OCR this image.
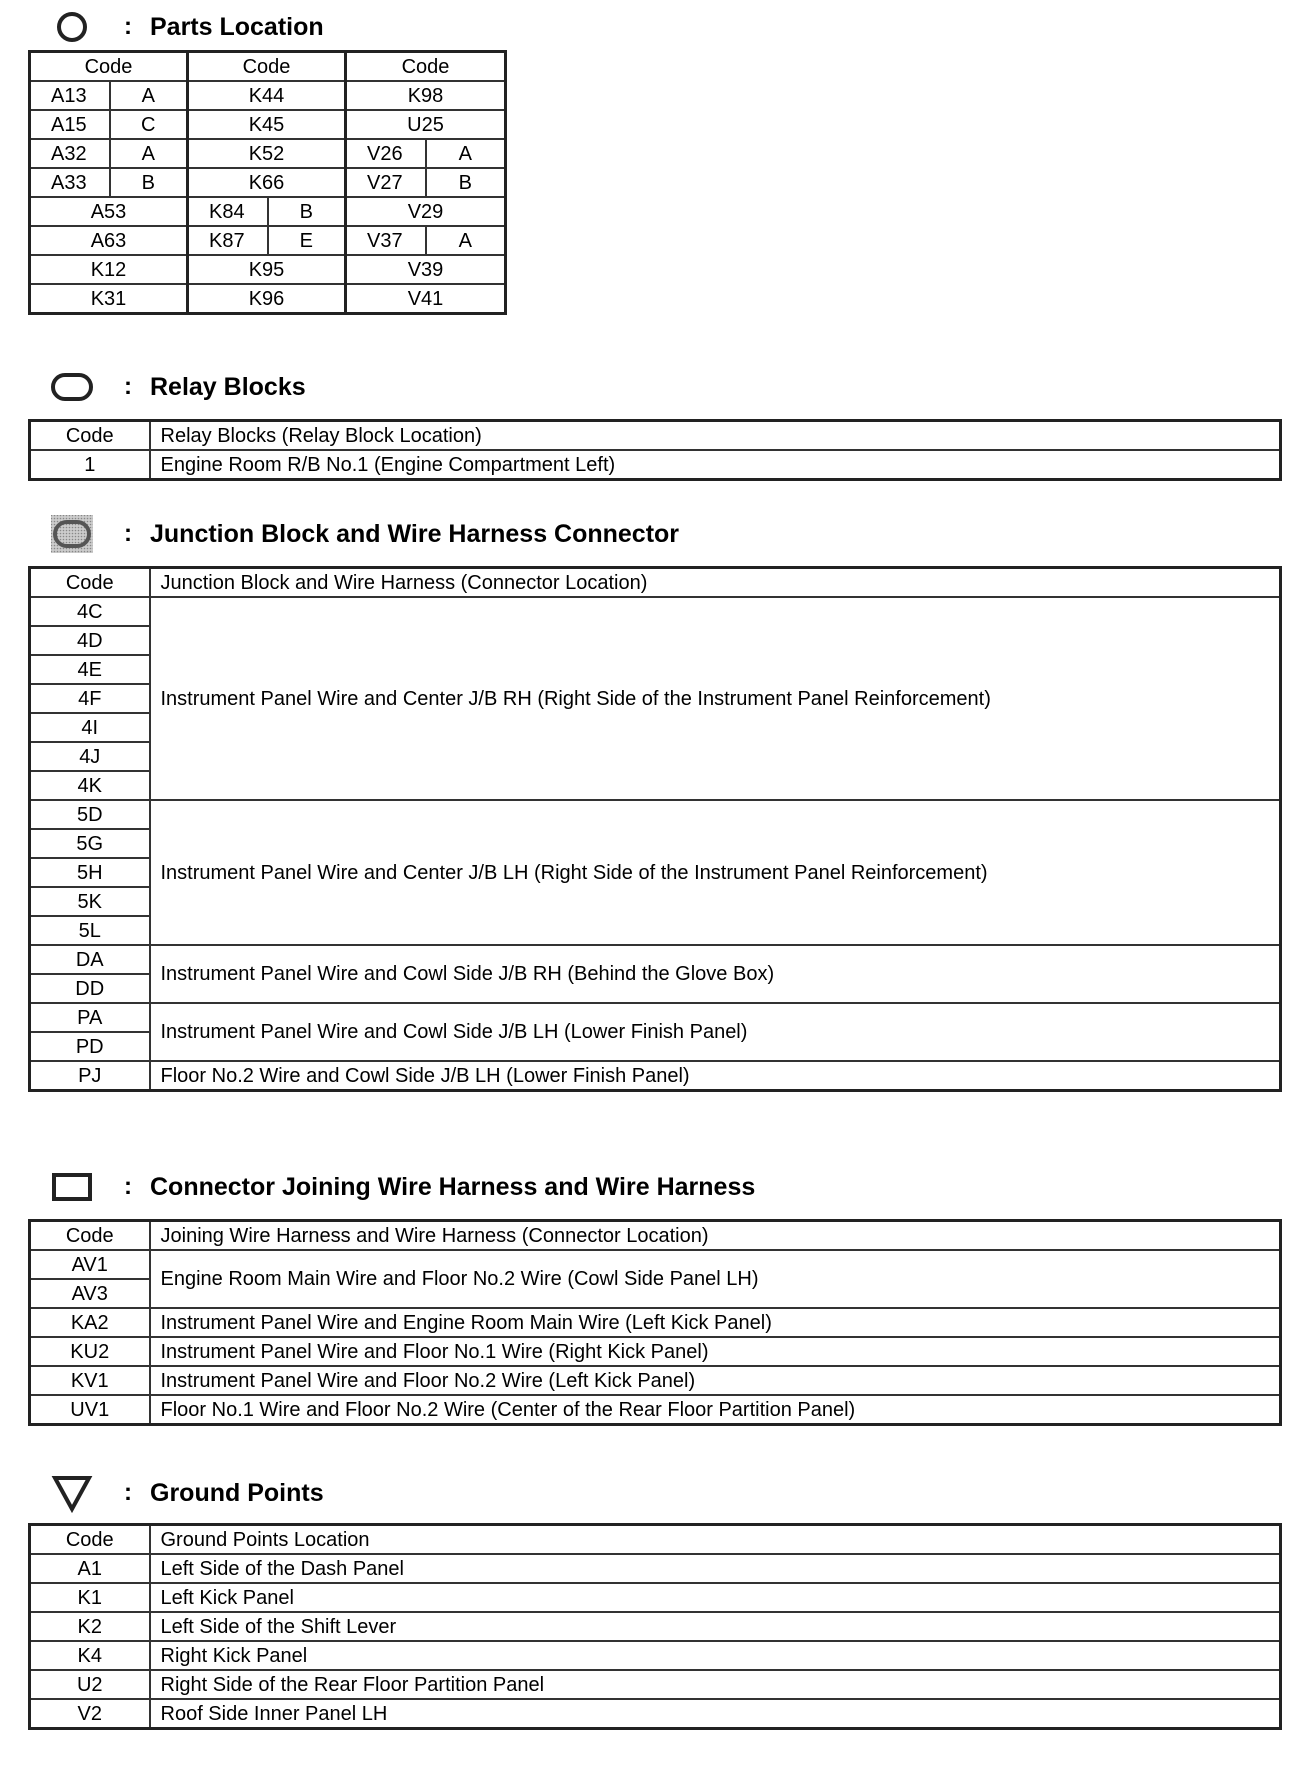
: Parts Location
Code		Code		Code	
A13	A	K44		K98	
A15	C	K45		U25	
A32	A	K52		V26	A
A33	B	K66		V27	B
A53		K84	B	V29	
A63		K87	E	V37	A
K12		K95		V39	
K31		K96		V41	
: Relay Blocks
Code	Relay Blocks (Relay Block Location)
1	Engine Room R/B No.1 (Engine Compartment Left)
: Junction Block and Wire Harness Connector
Code	Junction Block and Wire Harness (Connector Location)
4C	Instrument Panel Wire and Center J/B RH (Right Side of the Instrument Panel Reinforcement)
4D	
4E	
4F	
4I	
4J	
4K	
5D	Instrument Panel Wire and Center J/B LH (Right Side of the Instrument Panel Reinforcement)
5G	
5H	
5K	
5L	
DA	Instrument Panel Wire and Cowl Side J/B RH (Behind the Glove Box)
DD	
PA	Instrument Panel Wire and Cowl Side J/B LH (Lower Finish Panel)
PD	
PJ	Floor No.2 Wire and Cowl Side J/B LH (Lower Finish Panel)
: Connector Joining Wire Harness and Wire Harness
Code	Joining Wire Harness and Wire Harness (Connector Location)
AV1	Engine Room Main Wire and Floor No.2 Wire (Cowl Side Panel LH)
AV3	
KA2	Instrument Panel Wire and Engine Room Main Wire (Left Kick Panel)
KU2	Instrument Panel Wire and Floor No.1 Wire (Right Kick Panel)
KV1	Instrument Panel Wire and Floor No.2 Wire (Left Kick Panel)
UV1	Floor No.1 Wire and Floor No.2 Wire (Center of the Rear Floor Partition Panel)
: Ground Points
Code	Ground Points Location
A1	Left Side of the Dash Panel
K1	Left Kick Panel
K2	Left Side of the Shift Lever
K4	Right Kick Panel
U2	Right Side of the Rear Floor Partition Panel
V2	Roof Side Inner Panel LH
